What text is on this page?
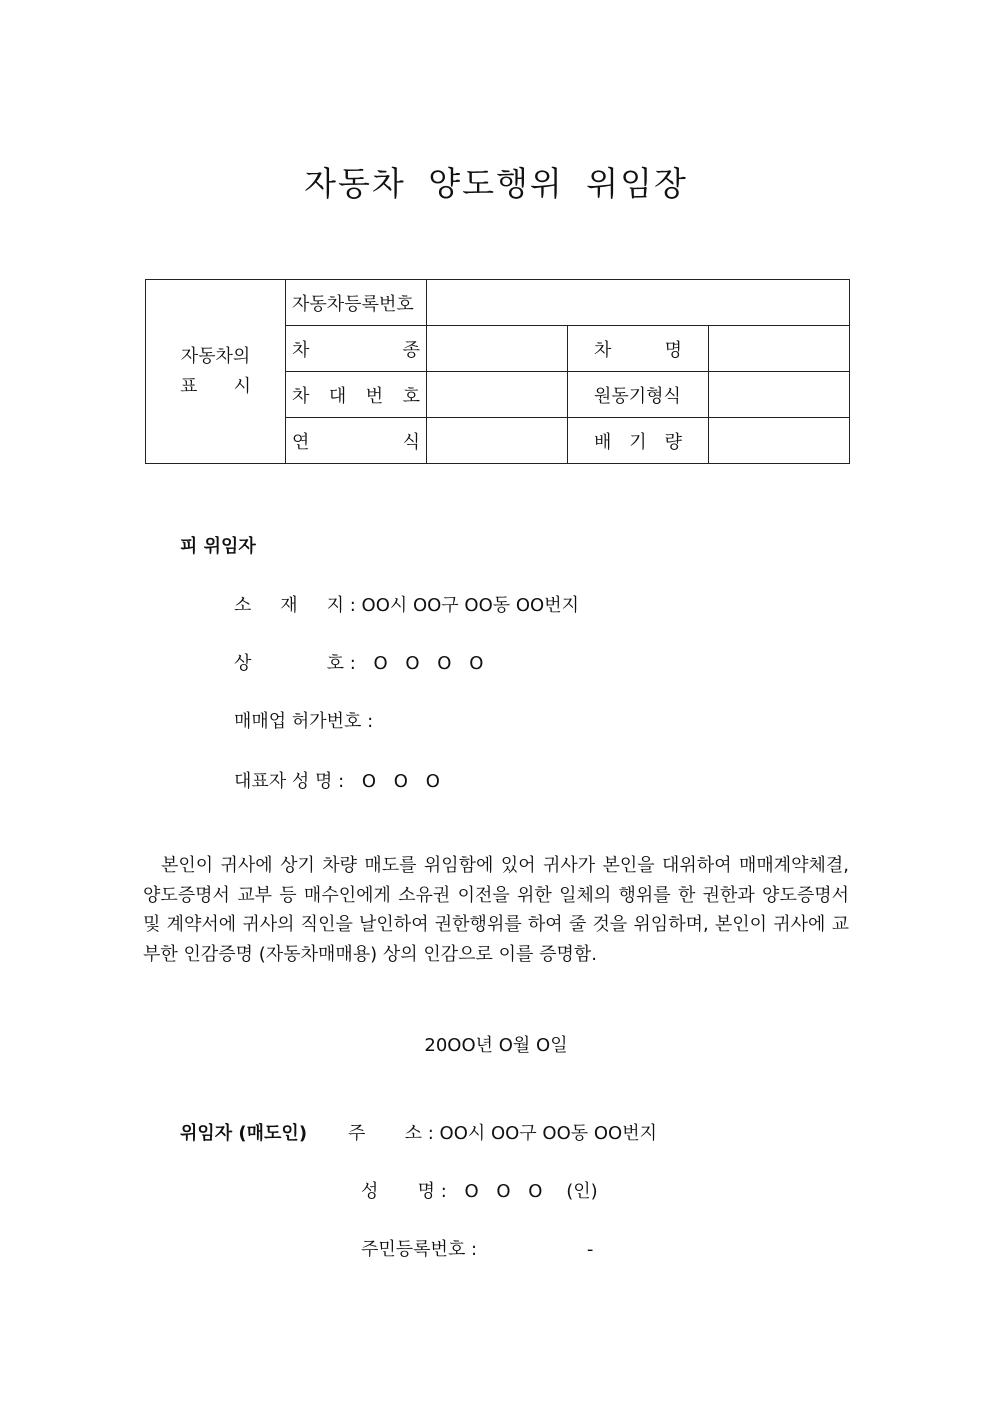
자동차 양도행위 위임장
자동차의
표 시	자동차등록번호			

	차 종		차 명	

	차 대 번 호		원동기형식	

	연 식		배 기 량	

피 위임자
소 재 지 : OO시 OO구 OO동 OO번지
상 호 : O O O O
매매업 허가번호 :
대표자 성 명 : O O O
본인이 귀사에 상기 차량 매도를 위임함에 있어 귀사가 본인을 대위하여 매매계약체결, 양도증명서 교부 등 매수인에게 소유권 이전을 위한 일체의 행위를 한 권한과 양도증명서 및 계약서에 귀사의 직인을 날인하여 권한행위를 하여 줄 것을 위임하며, 본인이 귀사에 교부한 인감증명 (자동차매매용) 상의 인감으로 이를 증명함.
20OO년 O월 O일
위임자 (매도인) 주 소 : OO시 OO구 OO동 OO번지
성 명 : O O O (인)
주민등록번호 :	-
